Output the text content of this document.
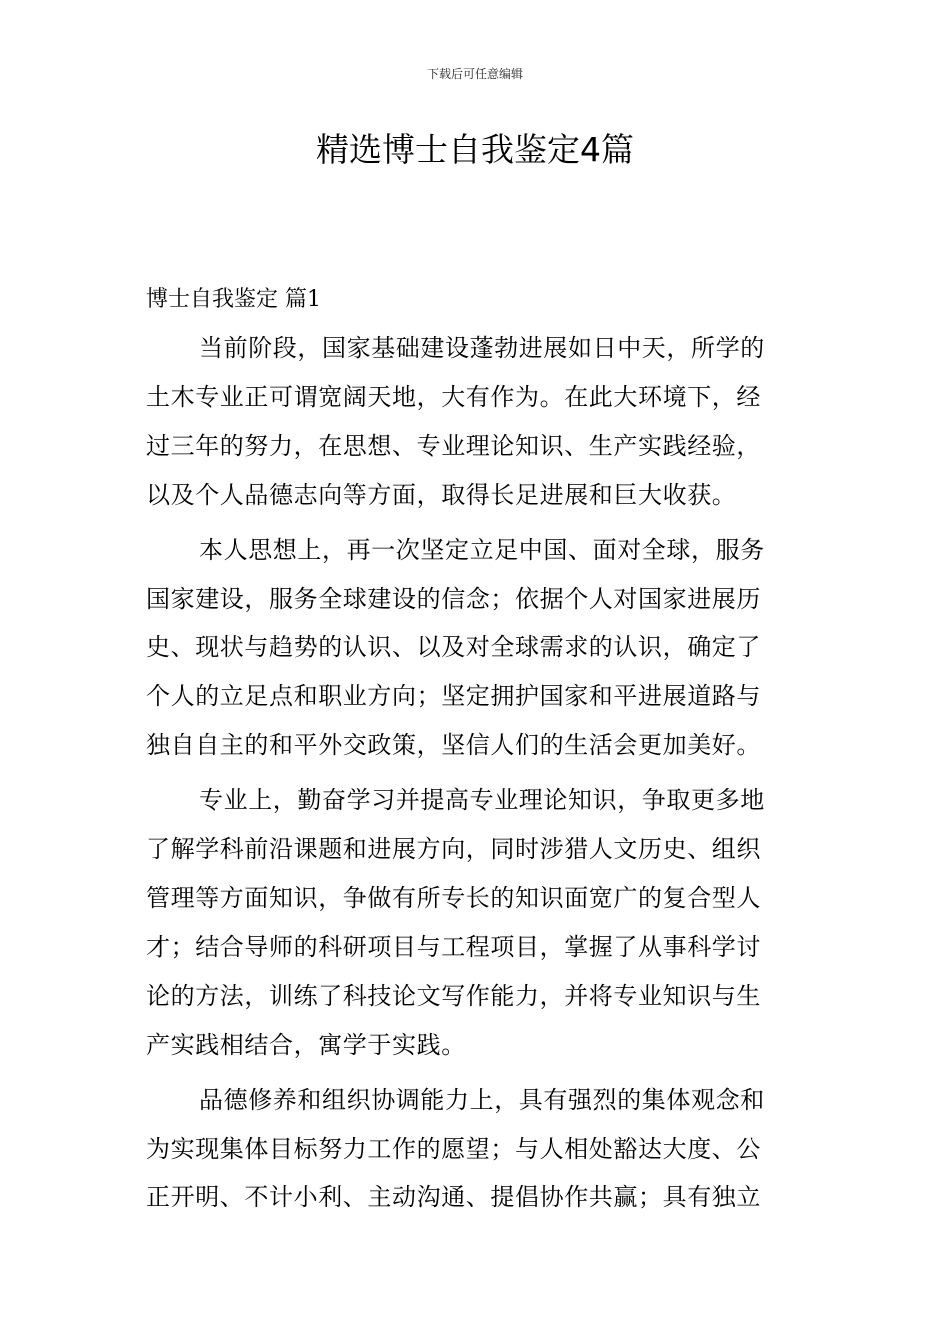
下载后可任意编辑
精选博士自我鉴定4篇
博士自我鉴定 篇1

当前阶段，国家基础建设蓬勃进展如日中天，所学的
土木专业正可谓宽阔天地，大有作为。在此大环境下，经
过三年的努力，在思想、专业理论知识、生产实践经验，
以及个人品德志向等方面，取得长足进展和巨大收获。

本人思想上，再一次坚定立足中国、面对全球，服务
国家建设，服务全球建设的信念；依据个人对国家进展历
史、现状与趋势的认识、以及对全球需求的认识，确定了
个人的立足点和职业方向；坚定拥护国家和平进展道路与
独自自主的和平外交政策，坚信人们的生活会更加美好。

专业上，勤奋学习并提高专业理论知识，争取更多地
了解学科前沿课题和进展方向，同时涉猎人文历史、组织
管理等方面知识，争做有所专长的知识面宽广的复合型人
才；结合导师的科研项目与工程项目，掌握了从事科学讨
论的方法，训练了科技论文写作能力，并将专业知识与生
产实践相结合，寓学于实践。

品德修养和组织协调能力上，具有强烈的集体观念和
为实现集体目标努力工作的愿望；与人相处豁达大度、公
正开明、不计小利、主动沟通、提倡协作共赢；具有独立
